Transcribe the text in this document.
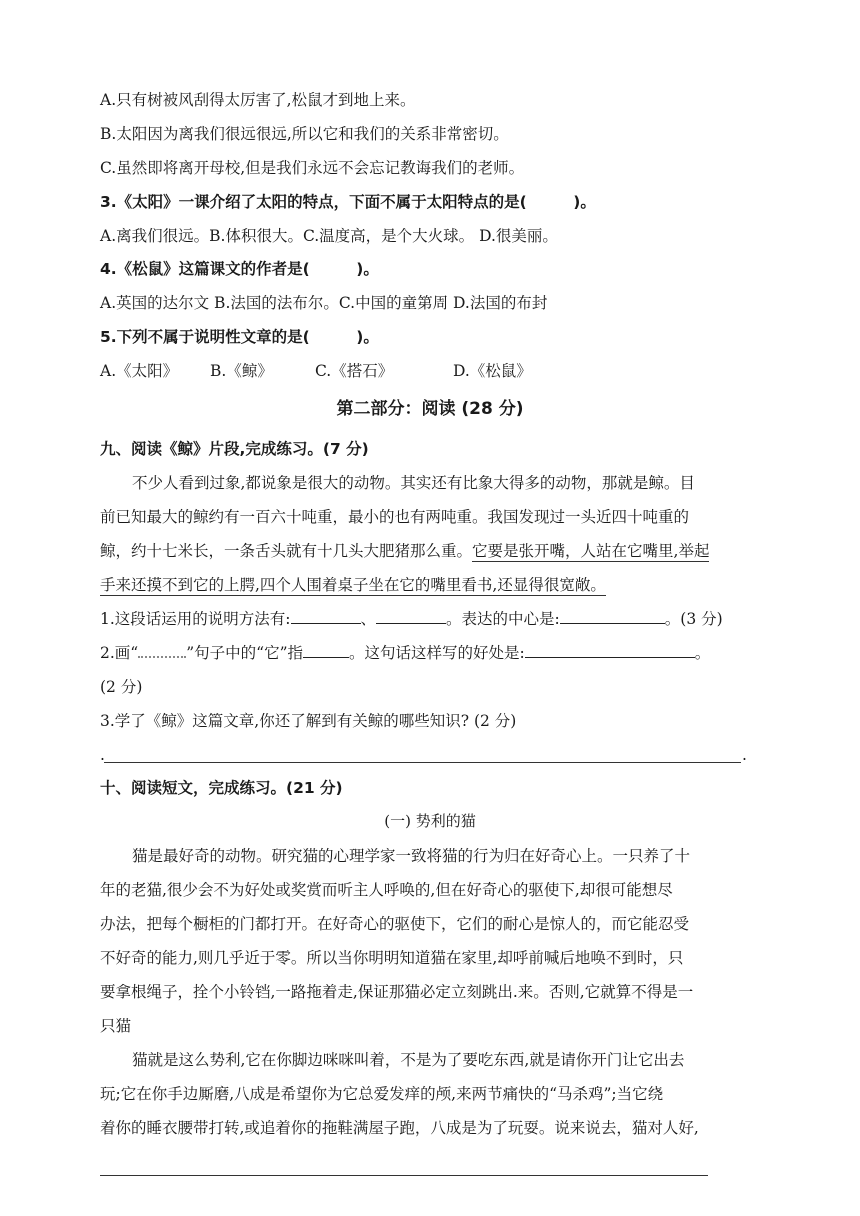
A.只有树被风刮得太厉害了,松鼠才到地上来。
B.太阳因为离我们很远很远,所以它和我们的关系非常密切。
C.虽然即将离开母校,但是我们永远不会忘记教诲我们的老师。
3.《太阳》一课介绍了太阳的特点，下面不属于太阳特点的是(　　　)。
A.离我们很远。B.体积很大。C.温度高，是个大火球。 D.很美丽。
4.《松鼠》这篇课文的作者是(　　　)。
A.英国的达尔文 B.法国的法布尔。C.中国的童第周 D.法国的布封
5.下列不属于说明性文章的是(　　　)。
A.《太阳》 B.《鲸》	C.《搭石》	D.《松鼠》
第二部分：阅读 (28 分)
九、阅读《鲸》片段,完成练习。(7 分)
不少人看到过象,都说象是很大的动物。其实还有比象大得多的动物，那就是鲸。目
前已知最大的鲸约有一百六十吨重，最小的也有两吨重。我国发现过一头近四十吨重的
鲸，约十七米长，一条舌头就有十几头大肥猪那么重。它要是张开嘴，人站在它嘴里,举起
手来还摸不到它的上腭,四个人围着桌子坐在它的嘴里看书,还显得很宽敞。
1.这段话运用的说明方法有:	、	。表达的中心是:	。(3 分)
2.画“	”句子中的“它”指	。这句话这样写的好处是:	。
(2 分)
3.学了《鲸》这篇文章,你还了解到有关鲸的哪些知识? (2 分)
.	.
十、阅读短文，完成练习。(21 分)
(一) 势利的猫
猫是最好奇的动物。研究猫的心理学家一致将猫的行为归在好奇心上。一只养了十
年的老猫,很少会不为好处或奖赏而听主人呼唤的,但在好奇心的驱使下,却很可能想尽
办法，把每个橱柜的门都打开。在好奇心的驱使下，它们的耐心是惊人的，而它能忍受
不好奇的能力,则几乎近于零。所以当你明明知道猫在家里,却呼前喊后地唤不到时，只
要拿根绳子，拴个小铃铛,一路拖着走,保证那猫必定立刻跳出.来。否则,它就算不得是一
只猫
猫就是这么势利,它在你脚边咪咪叫着，不是为了要吃东西,就是请你开门让它出去
玩;它在你手边厮磨,八成是希望你为它总爱发痒的颅,来两节痛快的“马杀鸡”;当它绕
着你的睡衣腰带打转,或追着你的拖鞋满屋子跑，八成是为了玩耍。说来说去，猫对人好,
